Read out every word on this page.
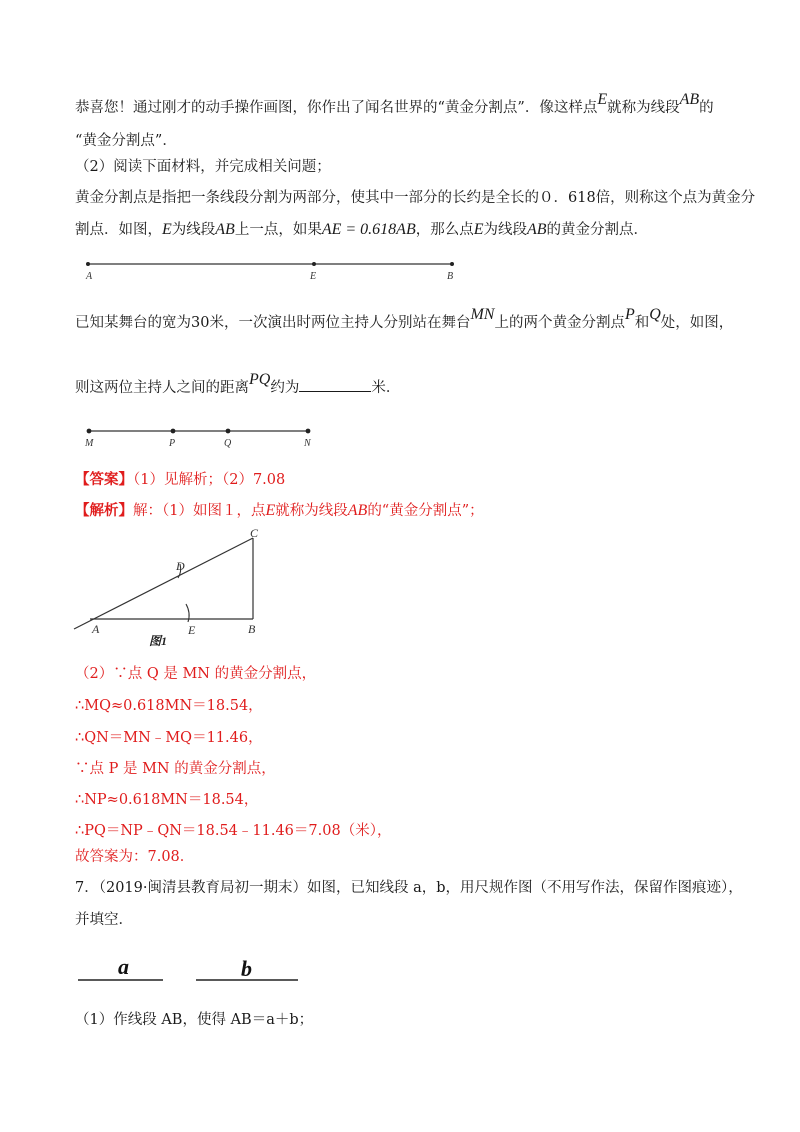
恭喜您！通过刚才的动手操作画图，你作出了闻名世界的“黄金分割点”．像这样点E就称为线段AB的
“黄金分割点”．
（2）阅读下面材料，并完成相关问题；
黄金分割点是指把一条线段分割为两部分，使其中一部分的长约是全长的０．618倍，则称这个点为黄金分
割点．如图，E为线段AB上一点，如果AE = 0.618AB，那么点E为线段AB的黄金分割点．
A	E	B
已知某舞台的宽为30米，一次演出时两位主持人分别站在舞台MN上的两个黄金分割点P和Q处，如图，
则这两位主持人之间的距离PQ约为	米．
M	P	Q	N
【答案】（1）见解析；（2）7.08
【解析】解：（1）如图１，点E就称为线段AB的“黄金分割点”；
A	E	B
C
D
图1
（2）∵点 Q 是 MN 的黄金分割点，
∴MQ≈0.618MN＝18.54，
∴QN＝MN﹣MQ＝11.46，
∵点 P 是 MN 的黄金分割点，
∴NP≈0.618MN＝18.54，
∴PQ＝NP﹣QN＝18.54﹣11.46＝7.08（米），
故答案为：7.08．
7．（2019·闽清县教育局初一期末）如图，已知线段 a，b，用尺规作图（不用写作法，保留作图痕迹），
并填空．
a	b
（1）作线段 AB，使得 AB＝a＋b；
